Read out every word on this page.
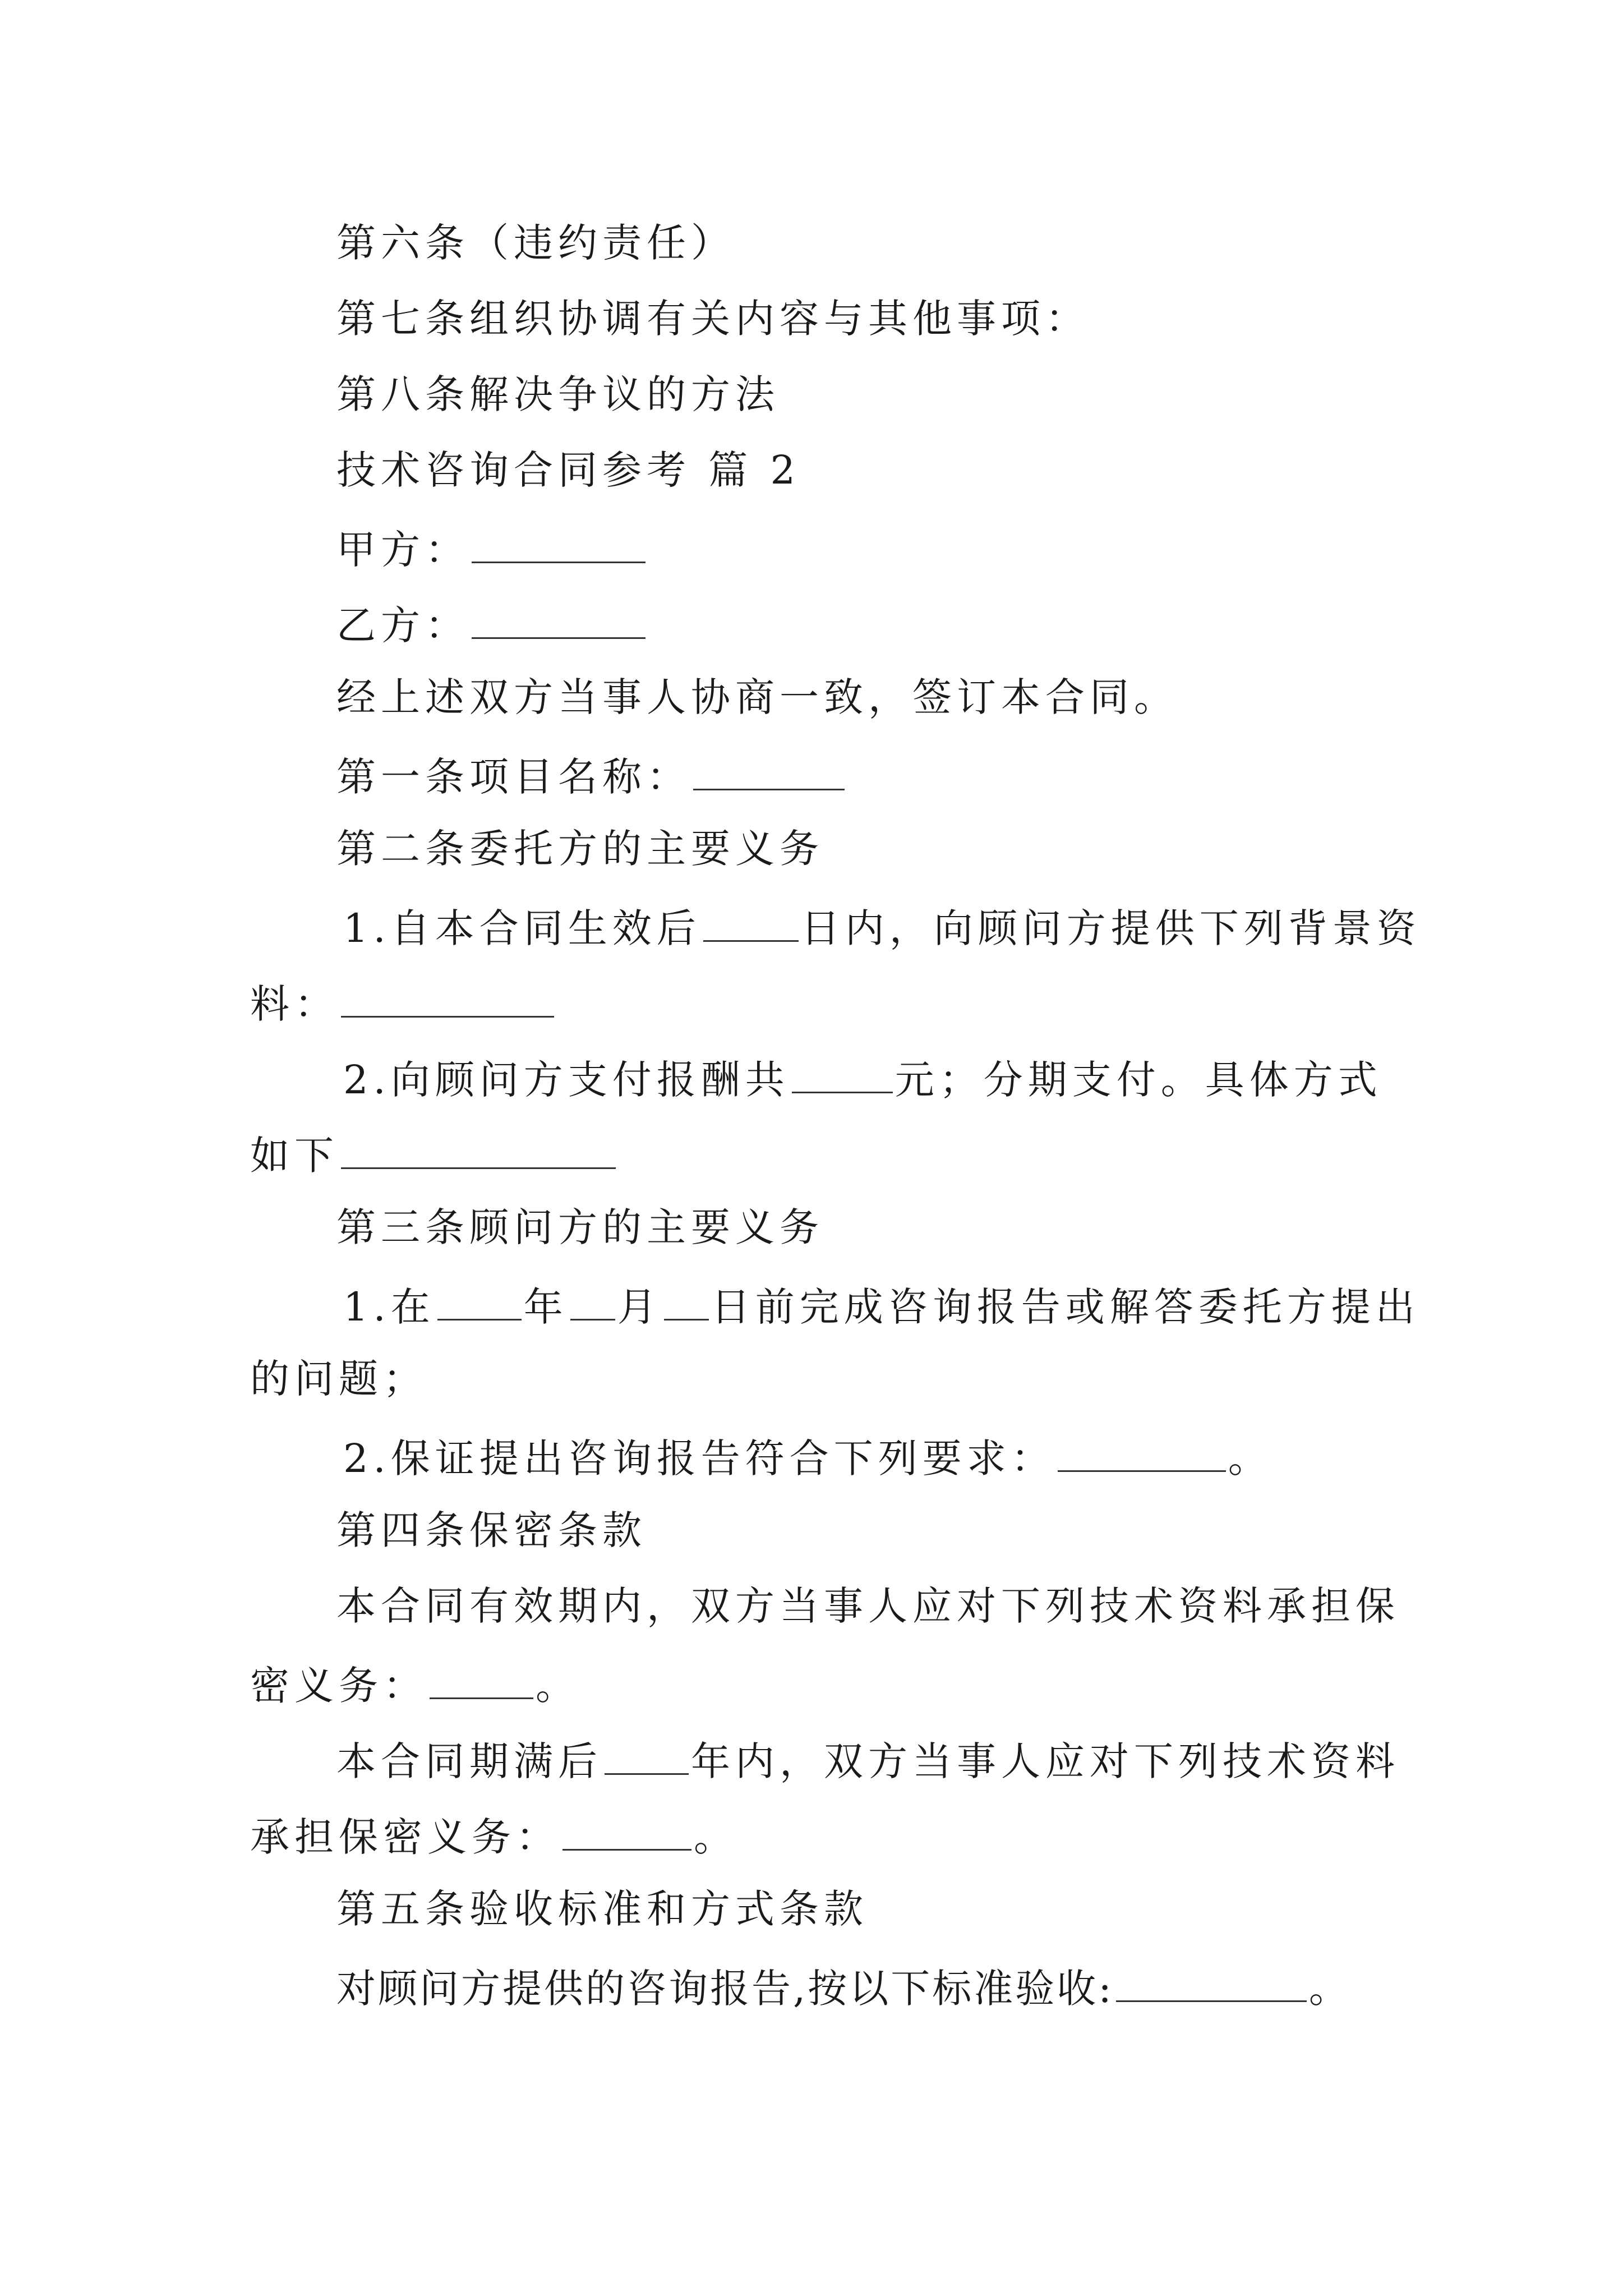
第六条（违约责任）
第七条组织协调有关内容与其他事项：
第八条解决争议的方法
技术咨询合同参考 篇 2
甲方：
乙方：
经上述双方当事人协商一致，签订本合同。
第一条项目名称：
第二条委托方的主要义务
1.自本合同生效后	日内，向顾问方提供下列背景资
料：
2.向顾问方支付报酬共	元；分期支付。具体方式
如下
第三条顾问方的主要义务
1.在 年 月 日前完成咨询报告或解答委托方提出
的问题；
2.保证提出咨询报告符合下列要求：	。
第四条保密条款
本合同有效期内，双方当事人应对下列技术资料承担保
密义务：	。
本合同期满后 年内，双方当事人应对下列技术资料
承担保密义务：	。
第五条验收标准和方式条款
对顾问方提供的咨询报告,按以下标准验收:	。
